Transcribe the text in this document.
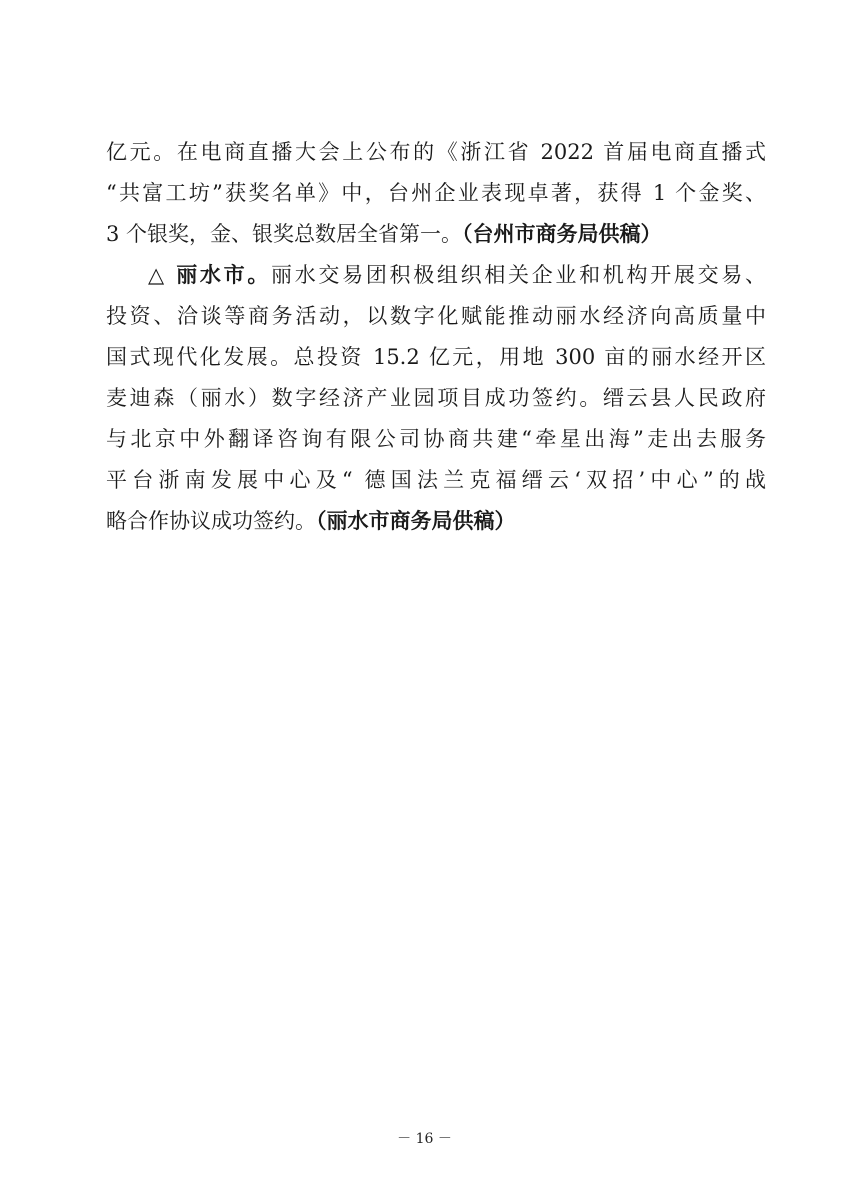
亿元。在电商直播大会上公布的《浙江省 2022 首届电商直播式
“共富工坊”获奖名单》中，台州企业表现卓著，获得 1 个金奖、
3 个银奖，金、银奖总数居全省第一。（台州市商务局供稿）
△ 丽水市。丽水交易团积极组织相关企业和机构开展交易、
投资、洽谈等商务活动，以数字化赋能推动丽水经济向高质量中
国式现代化发展。总投资 15.2 亿元，用地 300 亩的丽水经开区
麦迪森（丽水）数字经济产业园项目成功签约。缙云县人民政府
与北京中外翻译咨询有限公司协商共建“牵星出海”走出去服务
平台浙南发展中心及“ 德国法兰克福缙云‘双招’中心”的战
略合作协议成功签约。（丽水市商务局供稿）
－ 16 －
